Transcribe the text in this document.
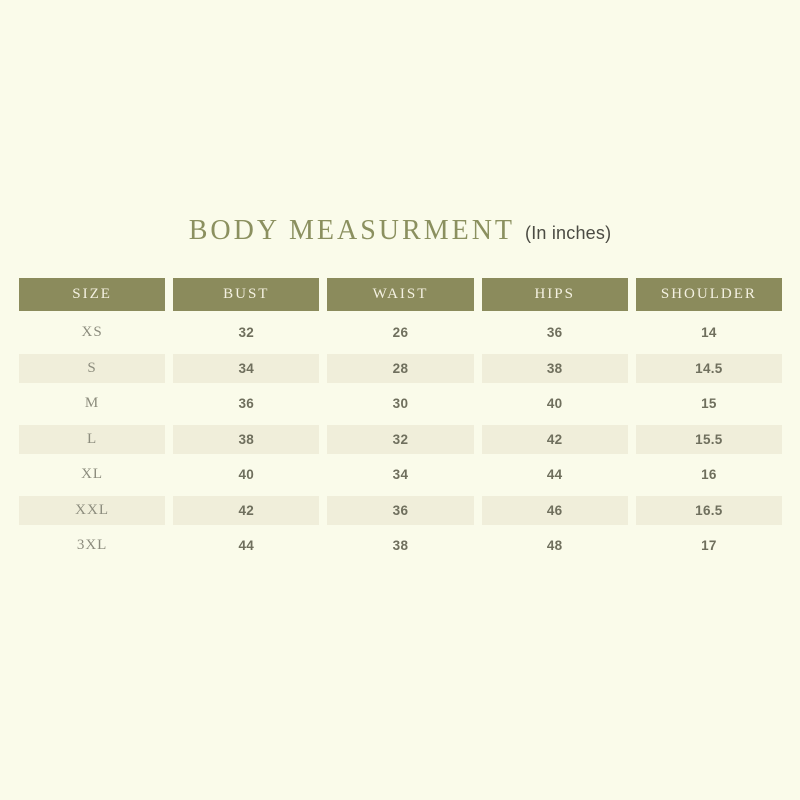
BODY MEASURMENT (In inches)
SIZE	BUST	WAIST	HIPS	SHOULDER
XS	32	26	36	14
S	34	28	38	14.5
M	36	30	40	15
L	38	32	42	15.5
XL	40	34	44	16
XXL	42	36	46	16.5
3XL	44	38	48	17
